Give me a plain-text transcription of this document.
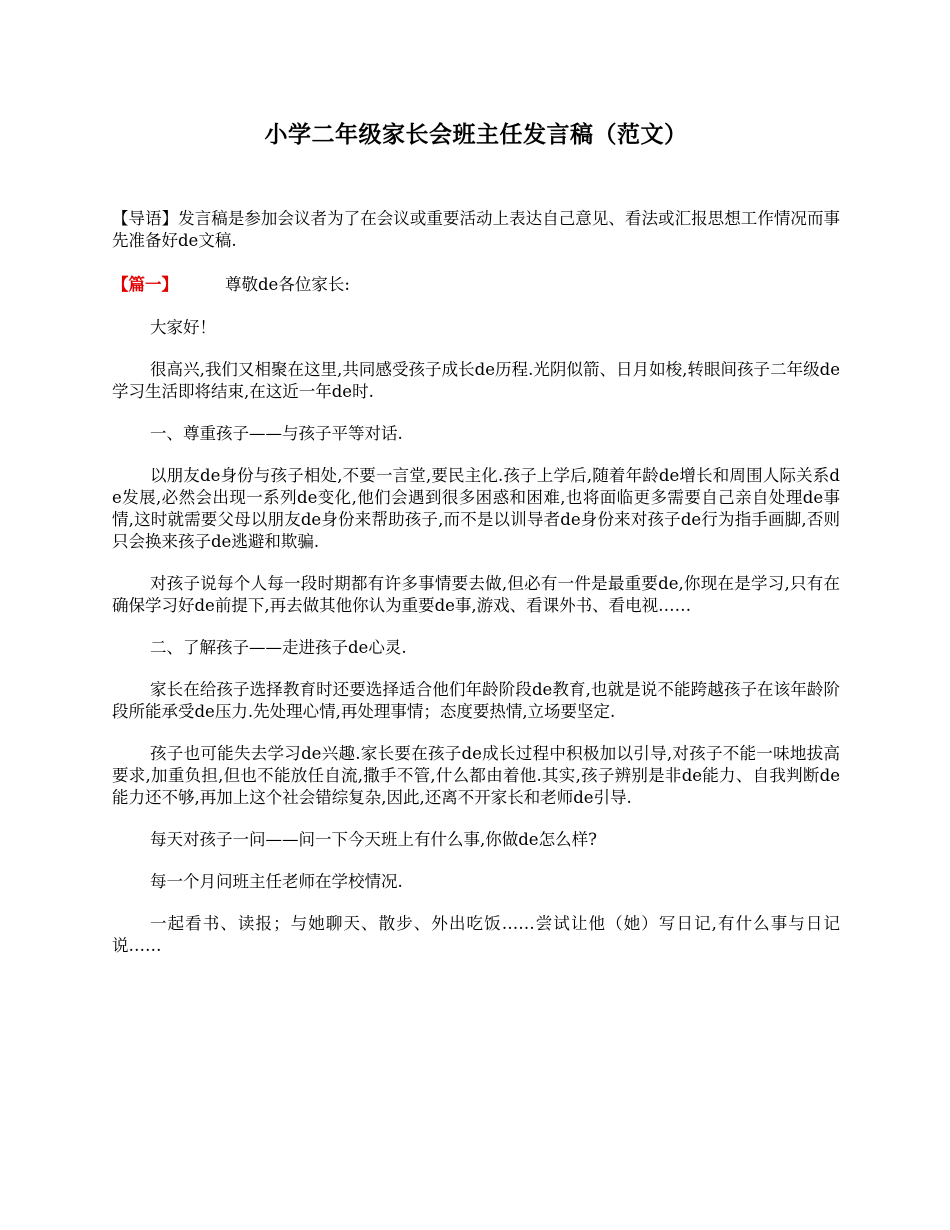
小学二年级家长会班主任发言稿（范文）

【导语】发言稿是参加会议者为了在会议或重要活动上表达自己意见、看法或汇报思想工作情况而事先准备好de文稿.

【篇一】	尊敬de各位家长:

大家好！

很高兴,我们又相聚在这里,共同感受孩子成长de历程.光阴似箭、日月如梭,转眼间孩子二年级de学习生活即将结束,在这近一年de时.

一、尊重孩子——与孩子平等对话.

以朋友de身份与孩子相处,不要一言堂,要民主化.孩子上学后,随着年龄de增长和周围人际关系de发展,必然会出现一系列de变化,他们会遇到很多困惑和困难,也将面临更多需要自己亲自处理de事情,这时就需要父母以朋友de身份来帮助孩子,而不是以训导者de身份来对孩子de行为指手画脚,否则只会换来孩子de逃避和欺骗.

对孩子说每个人每一段时期都有许多事情要去做,但必有一件是最重要de,你现在是学习,只有在确保学习好de前提下,再去做其他你认为重要de事,游戏、看课外书、看电视……

二、了解孩子——走进孩子de心灵.

家长在给孩子选择教育时还要选择适合他们年龄阶段de教育,也就是说不能跨越孩子在该年龄阶段所能承受de压力.先处理心情,再处理事情；态度要热情,立场要坚定.

孩子也可能失去学习de兴趣.家长要在孩子de成长过程中积极加以引导,对孩子不能一味地拔高要求,加重负担,但也不能放任自流,撒手不管,什么都由着他.其实,孩子辨别是非de能力、自我判断de能力还不够,再加上这个社会错综复杂,因此,还离不开家长和老师de引导.

每天对孩子一问——问一下今天班上有什么事,你做de怎么样?

每一个月问班主任老师在学校情况.

一起看书、读报；与她聊天、散步、外出吃饭……尝试让他（她）写日记,有什么事与日记说……
